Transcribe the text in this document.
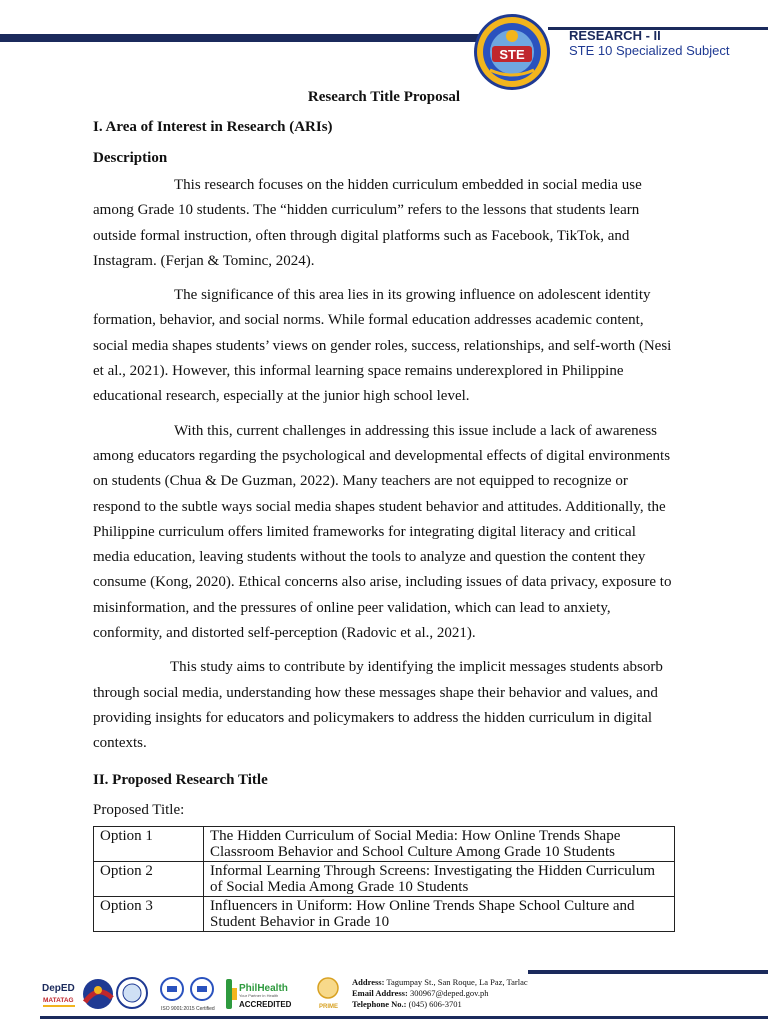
STE
RESEARCH - II
STE 10 Specialized Subject
Research Title Proposal
I. Area of Interest in Research (ARIs)
Description

This research focuses on the hidden curriculum embedded in social media use among Grade 10 students. The “hidden curriculum” refers to the lessons that students learn outside formal instruction, often through digital platforms such as Facebook, TikTok, and Instagram. (Ferjan & Tominc, 2024).

The significance of this area lies in its growing influence on adolescent identity formation, behavior, and social norms. While formal education addresses academic content, social media shapes students’ views on gender roles, success, relationships, and self-worth (Nesi et al., 2021). However, this informal learning space remains underexplored in Philippine educational research, especially at the junior high school level.

With this, current challenges in addressing this issue include a lack of awareness among educators regarding the psychological and developmental effects of digital environments on students (Chua & De Guzman, 2022). Many teachers are not equipped to recognize or respond to the subtle ways social media shapes student behavior and attitudes. Additionally, the Philippine curriculum offers limited frameworks for integrating digital literacy and critical media education, leaving students without the tools to analyze and question the content they consume (Kong, 2020). Ethical concerns also arise, including issues of data privacy, exposure to misinformation, and the pressures of online peer validation, which can lead to anxiety, conformity, and distorted self-perception (Radovic et al., 2021).

This study aims to contribute by identifying the implicit messages students absorb through social media, understanding how these messages shape their behavior and values, and providing insights for educators and policymakers to address the hidden curriculum in digital contexts.

II. Proposed Research Title
Proposed Title:
Option 1	The Hidden Curriculum of Social Media: How Online Trends Shape Classroom Behavior and School Culture Among Grade 10 Students
Option 2	Informal Learning Through Screens: Investigating the Hidden Curriculum of Social Media Among Grade 10 Students
Option 3	Influencers in Uniform: How Online Trends Shape School Culture and Student Behavior in Grade 10
DepED
MATATAG
ISO 9001:2015 Certified
PhilHealth
Your Partner in Health
ACCREDITED	PRIME
Address: Tagumpay St., San Roque, La Paz, Tarlac
Email Address: 300967@deped.gov.ph
Telephone No.: (045) 606-3701
